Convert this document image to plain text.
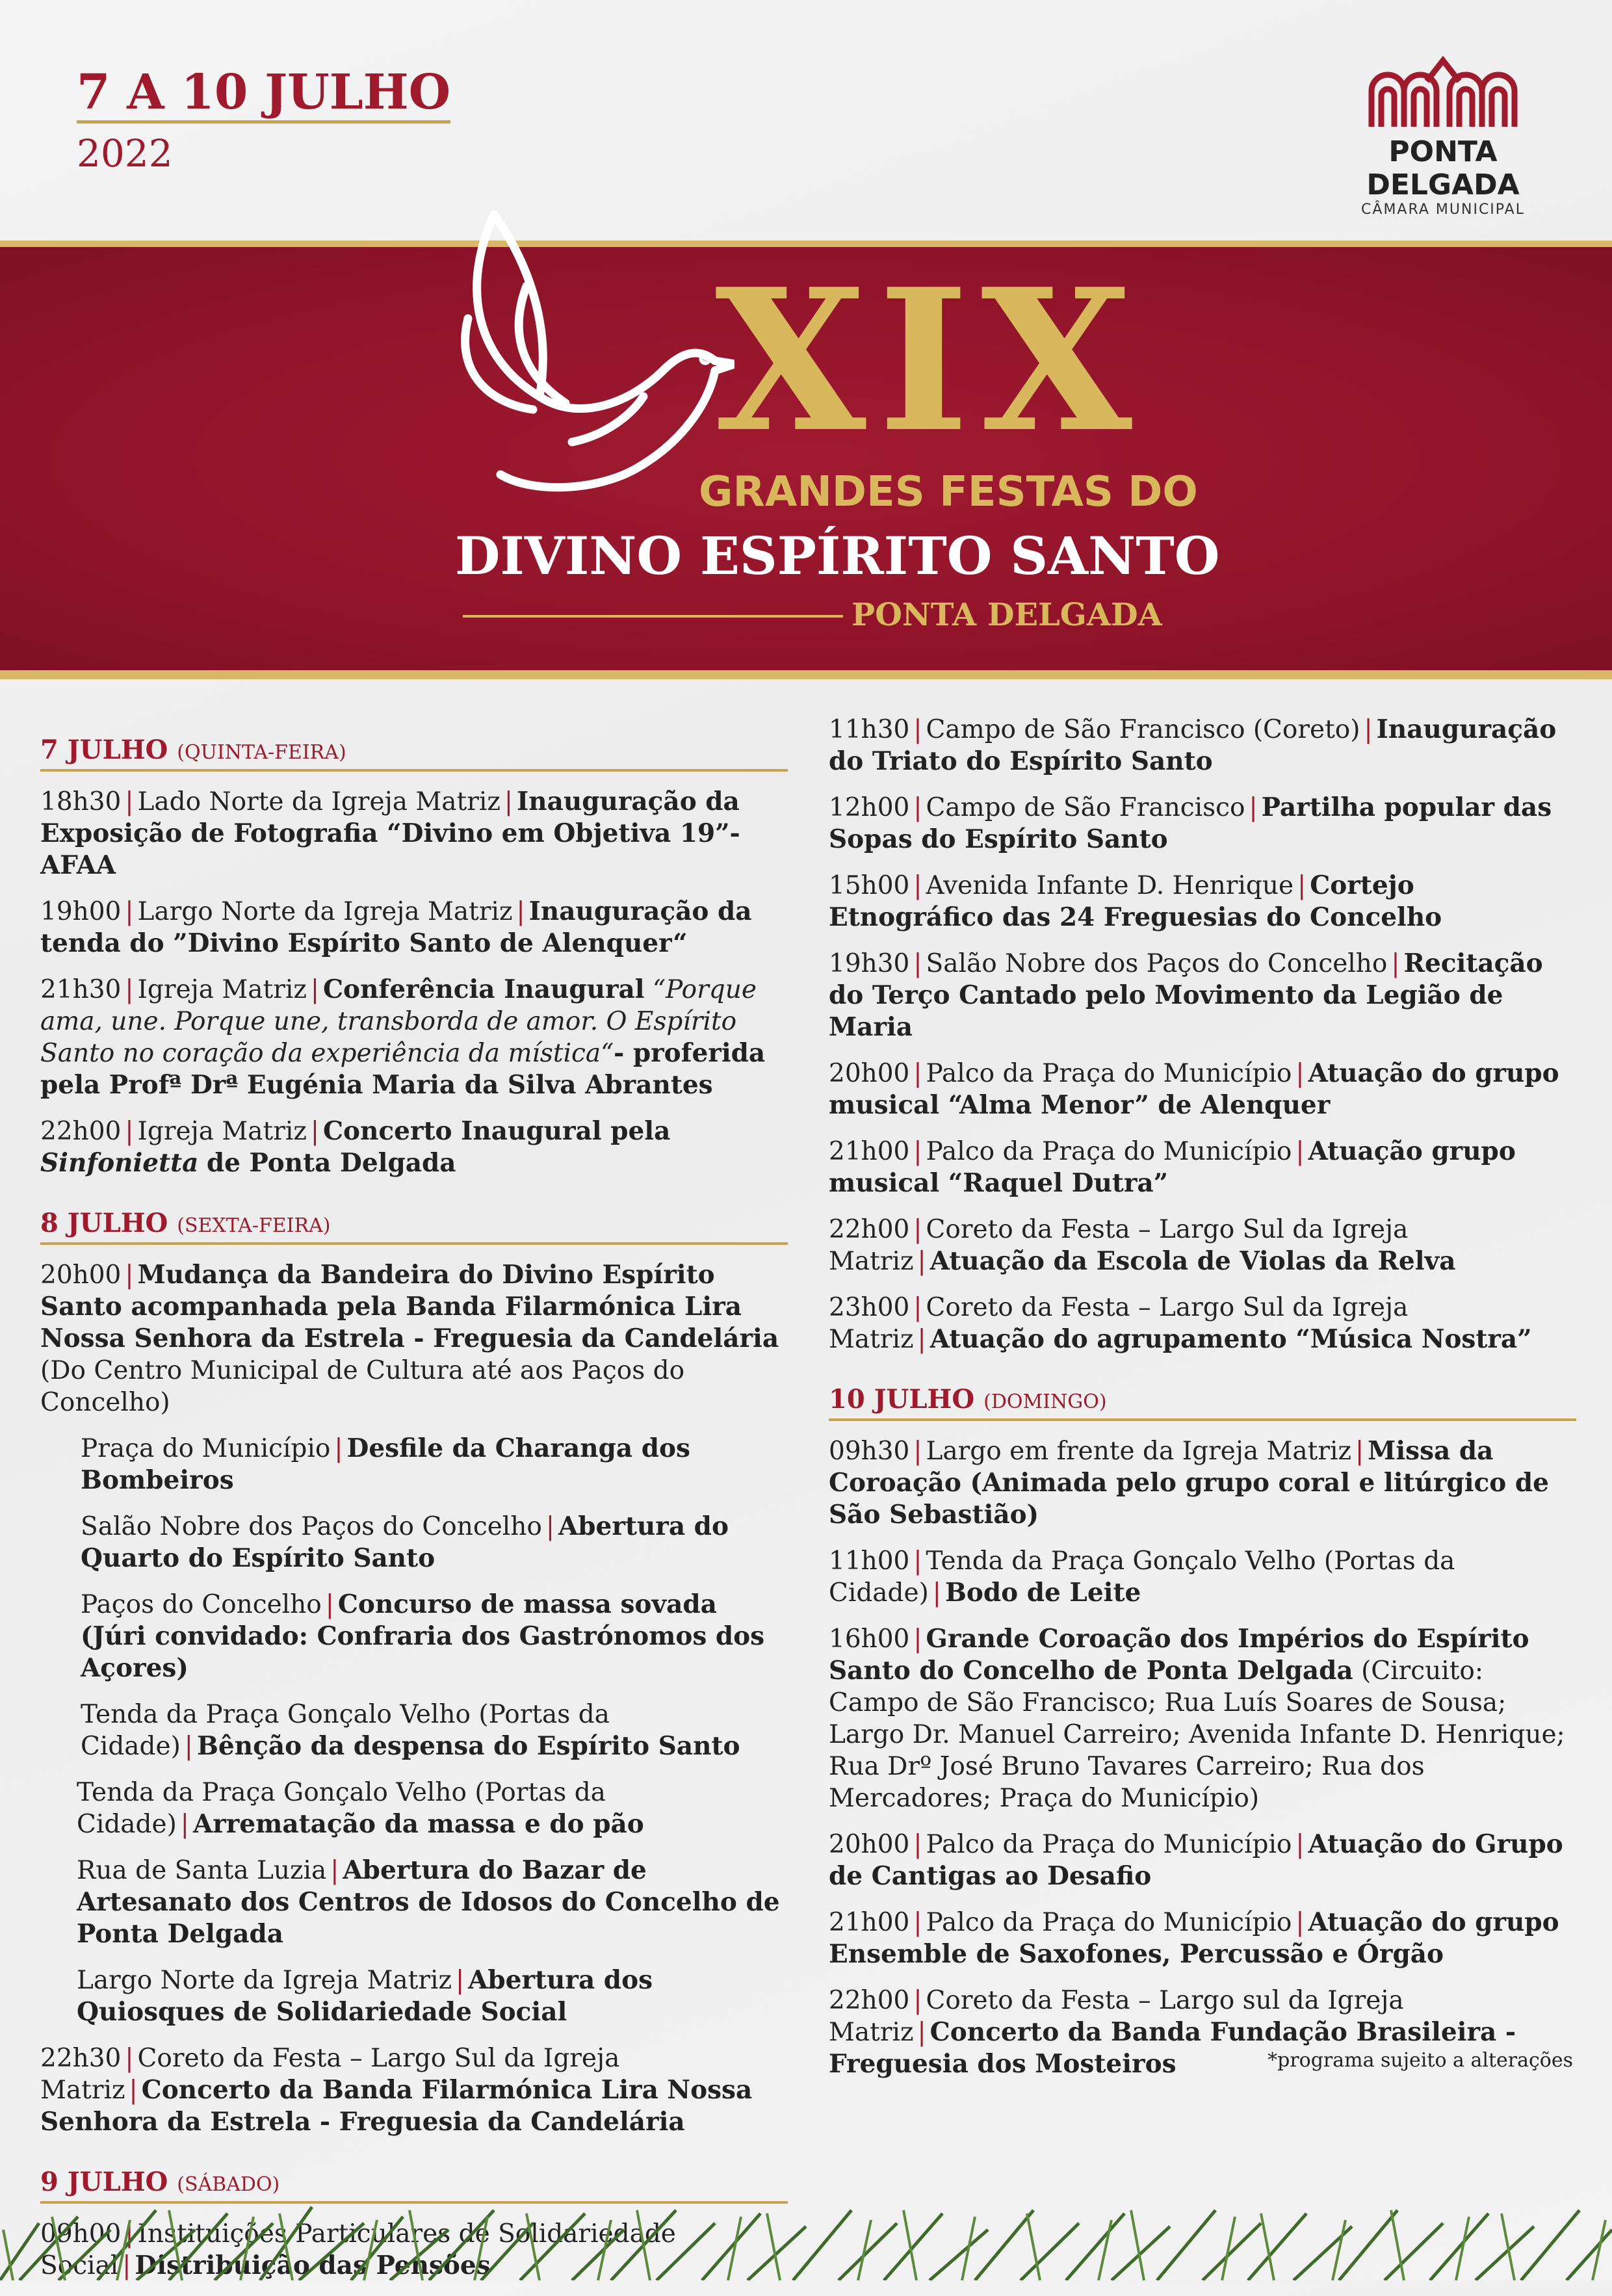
7 A 10 JULHO
2022	PONTA DELGADA
CÂMARA MUNICIPAL
XIX
GRANDES FESTAS DO
DIVINO ESPÍRITO SANTO
PONTA DELGADA
7 JULHO (QUINTA-FEIRA)
18h30 | Lado Norte da Igreja Matriz | Inauguração da Exposição de Fotografia “Divino em Objetiva 19”- AFAA
19h00 | Largo Norte da Igreja Matriz | Inauguração da tenda do ”Divino Espírito Santo de Alenquer“
21h30 | Igreja Matriz | Conferência Inaugural “Porque ama, une. Porque une, transborda de amor. O Espírito Santo no coração da experiência da mística“- proferida pela Profª Drª Eugénia Maria da Silva Abrantes
22h00 | Igreja Matriz | Concerto Inaugural pela Sinfonietta de Ponta Delgada
8 JULHO (SEXTA-FEIRA)
20h00 | Mudança da Bandeira do Divino Espírito Santo acompanhada pela Banda Filarmónica Lira Nossa Senhora da Estrela - Freguesia da Candelária (Do Centro Municipal de Cultura até aos Paços do Concelho)
Praça do Município | Desfile da Charanga dos Bombeiros
Salão Nobre dos Paços do Concelho | Abertura do Quarto do Espírito Santo
Paços do Concelho | Concurso de massa sovada (Júri convidado: Confraria dos Gastrónomos dos Açores)
Tenda da Praça Gonçalo Velho (Portas da Cidade) | Bênção da despensa do Espírito Santo
Tenda da Praça Gonçalo Velho (Portas da Cidade) | Arrematação da massa e do pão
Rua de Santa Luzia | Abertura do Bazar de Artesanato dos Centros de Idosos do Concelho de Ponta Delgada
Largo Norte da Igreja Matriz | Abertura dos Quiosques de Solidariedade Social
22h30 | Coreto da Festa – Largo Sul da Igreja Matriz | Concerto da Banda Filarmónica Lira Nossa Senhora da Estrela - Freguesia da Candelária
9 JULHO (SÁBADO)
09h00 | Instituições Particulares de Solidariedade Social | Distribuição das Pensões
11h30 | Campo de São Francisco (Coreto) | Inauguração do Triato do Espírito Santo
12h00 | Campo de São Francisco | Partilha popular das Sopas do Espírito Santo
15h00 | Avenida Infante D. Henrique | Cortejo Etnográfico das 24 Freguesias do Concelho
19h30 | Salão Nobre dos Paços do Concelho | Recitação do Terço Cantado pelo Movimento da Legião de Maria
20h00 | Palco da Praça do Município | Atuação do grupo musical “Alma Menor” de Alenquer
21h00 | Palco da Praça do Município | Atuação grupo musical “Raquel Dutra”
22h00 | Coreto da Festa – Largo Sul da Igreja Matriz | Atuação da Escola de Violas da Relva
23h00 | Coreto da Festa – Largo Sul da Igreja Matriz | Atuação do agrupamento “Música Nostra”
10 JULHO (DOMINGO)
09h30 | Largo em frente da Igreja Matriz | Missa da Coroação (Animada pelo grupo coral e litúrgico de São Sebastião)
11h00 | Tenda da Praça Gonçalo Velho (Portas da Cidade) | Bodo de Leite
16h00 | Grande Coroação dos Impérios do Espírito Santo do Concelho de Ponta Delgada (Circuito: Campo de São Francisco; Rua Luís Soares de Sousa; Largo Dr. Manuel Carreiro; Avenida Infante D. Henrique; Rua Drº José Bruno Tavares Carreiro; Rua dos Mercadores; Praça do Município)
20h00 | Palco da Praça do Município | Atuação do Grupo de Cantigas ao Desafio
21h00 | Palco da Praça do Município | Atuação do grupo Ensemble de Saxofones, Percussão e Órgão
22h00 | Coreto da Festa – Largo sul da Igreja Matriz | Concerto da Banda Fundação Brasileira - Freguesia dos Mosteiros	*programa sujeito a alterações
